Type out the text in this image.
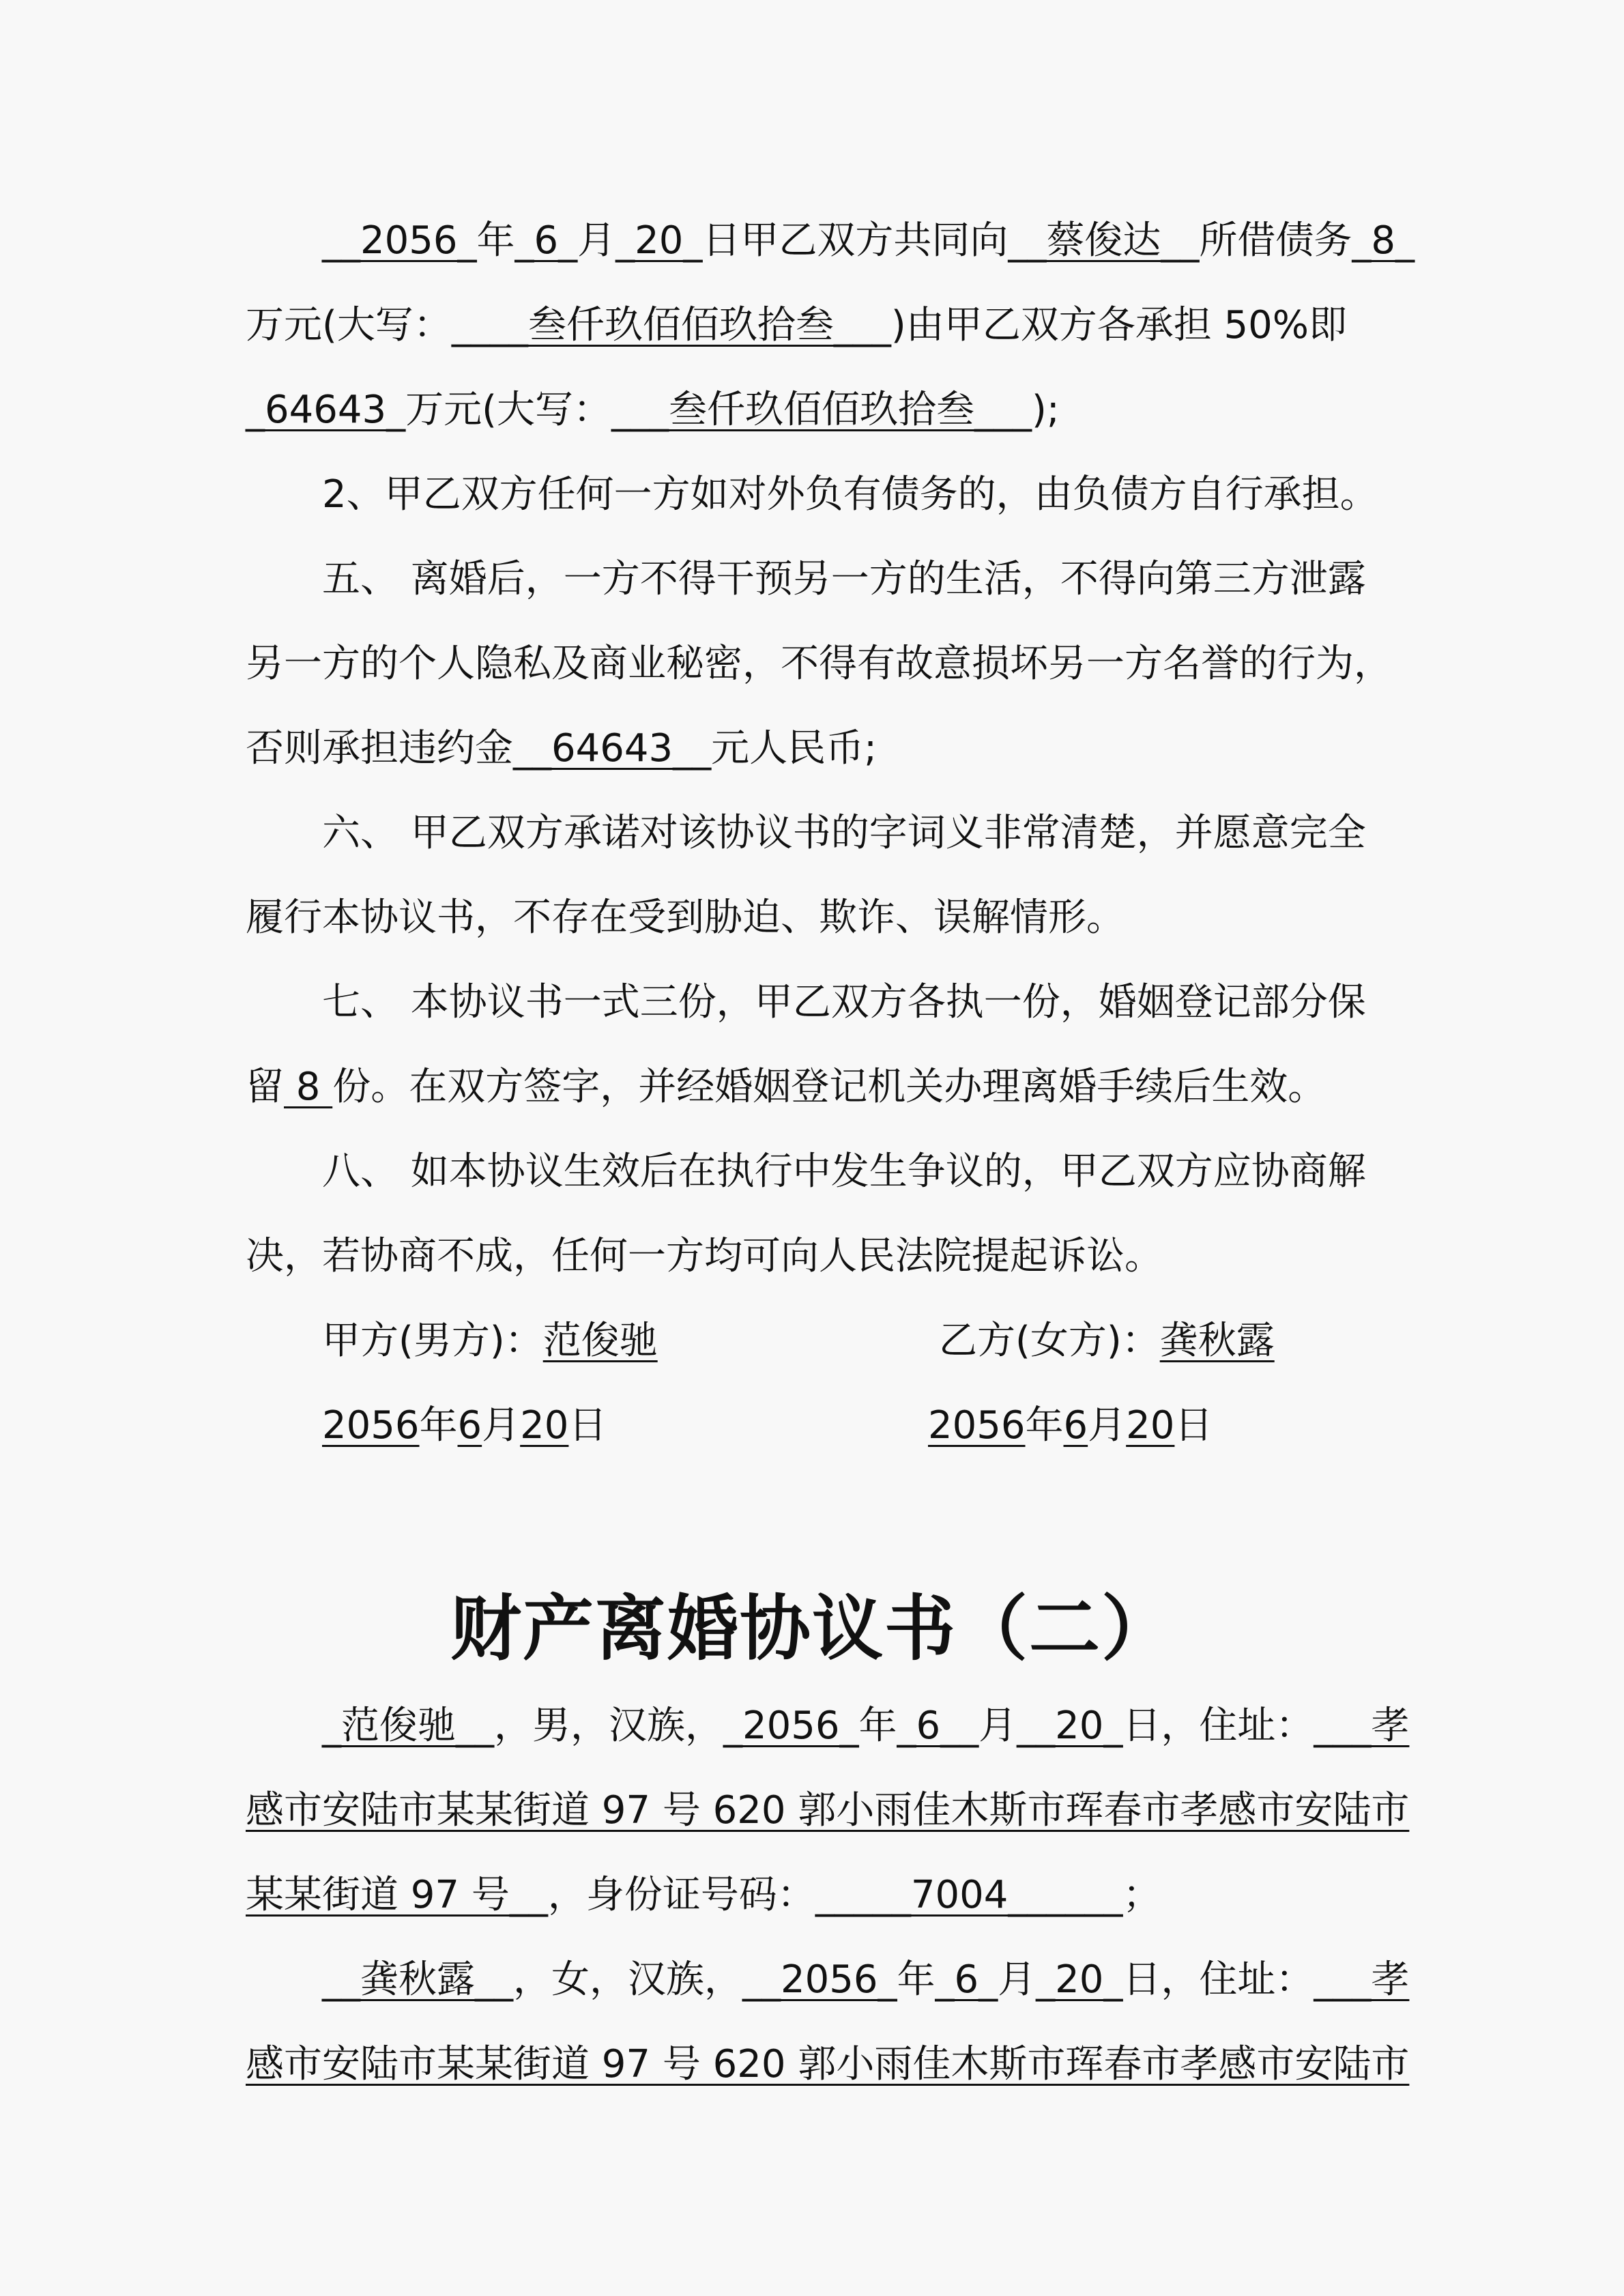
__2056_年_6_月_20_日甲乙双方共同向__蔡俊达__所借债务_8_
万元(大写：____叁仟玖佰佰玖拾叁___)由甲乙双方各承担 50%即
_64643_万元(大写：___叁仟玖佰佰玖拾叁___);
2、甲乙双方任何一方如对外负有债务的，由负债方自行承担。
五、 离婚后，一方不得干预另一方的生活，不得向第三方泄露
另一方的个人隐私及商业秘密，不得有故意损坏另一方名誉的行为，
否则承担违约金__64643__元人民币;
六、 甲乙双方承诺对该协议书的字词义非常清楚，并愿意完全
履行本协议书，不存在受到胁迫、欺诈、误解情形。
七、 本协议书一式三份，甲乙双方各执一份，婚姻登记部分保
留 8 份。在双方签字，并经婚姻登记机关办理离婚手续后生效。
八、 如本协议生效后在执行中发生争议的，甲乙双方应协商解
决，若协商不成，任何一方均可向人民法院提起诉讼。
甲方(男方)：范俊驰	乙方(女方)：龚秋露
2056年6月20日	2056年6月20日
财产离婚协议书（二）
_范俊驰__，男，汉族，_2056_年_6__月__20_日，住址：___孝
感市安陆市某某街道 97 号 620 郭小雨佳木斯市珲春市孝感市安陆市
某某街道 97 号__，身份证号码：_____7004______；
__龚秋露__，女，汉族，__2056_年_6_月_20_日，住址：___孝
感市安陆市某某街道 97 号 620 郭小雨佳木斯市珲春市孝感市安陆市
